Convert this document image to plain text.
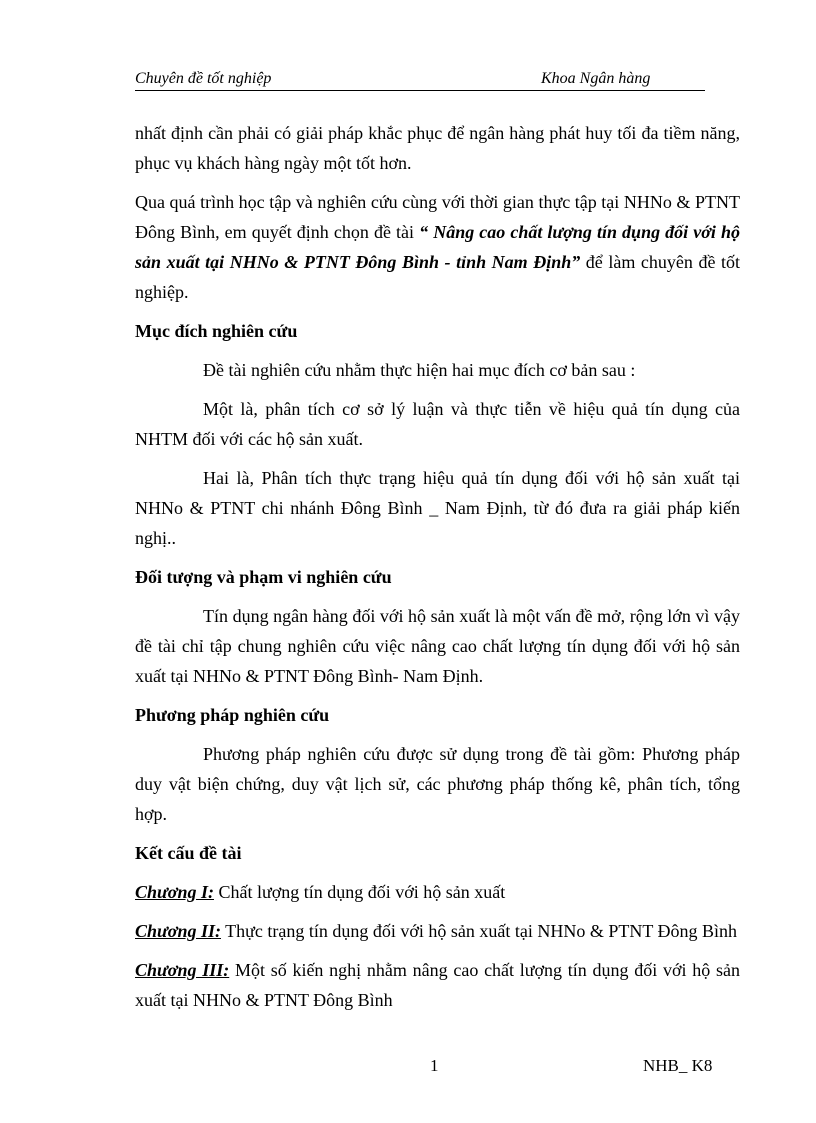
Chuyên đề tốt nghiệp	Khoa Ngân hàng

nhất định cần phải có giải pháp khắc phục để ngân hàng phát huy tối đa tiềm năng, phục vụ khách hàng ngày một tốt hơn.

Qua quá trình học tập và nghiên cứu cùng với thời gian thực tập tại NHNo & PTNT Đông Bình, em quyết định chọn đề tài “ Nâng cao chất lượng tín dụng đối với hộ sản xuất tại NHNo & PTNT Đông Bình - tỉnh Nam Định” để làm chuyên đề tốt nghiệp.

Mục đích nghiên cứu

Đề tài nghiên cứu nhằm thực hiện hai mục đích cơ bản sau :

Một là, phân tích cơ sở lý luận và thực tiễn về hiệu quả tín dụng của NHTM đối với các hộ sản xuất.

Hai là, Phân tích thực trạng hiệu quả tín dụng đối với hộ sản xuất tại NHNo & PTNT chi nhánh Đông Bình _ Nam Định, từ đó đưa ra giải pháp kiến nghị..

Đối tượng và phạm vi nghiên cứu

Tín dụng ngân hàng đối với hộ sản xuất là một vấn đề mở, rộng lớn vì vậy đề tài chỉ tập chung nghiên cứu việc nâng cao chất lượng tín dụng đối với hộ sản xuất tại NHNo & PTNT Đông Bình- Nam Định.

Phương pháp nghiên cứu

Phương pháp nghiên cứu được sử dụng trong đề tài gồm: Phương pháp duy vật biện chứng, duy vật lịch sử, các phương pháp thống kê, phân tích, tổng hợp.

Kết cấu đề tài

Chương I: Chất lượng tín dụng đối với hộ sản xuất

Chương II: Thực trạng tín dụng đối với hộ sản xuất tại NHNo & PTNT Đông Bình

Chương III: Một số kiến nghị nhằm nâng cao chất lượng tín dụng đối với hộ sản xuất tại NHNo & PTNT Đông Bình

1	NHB_ K8
